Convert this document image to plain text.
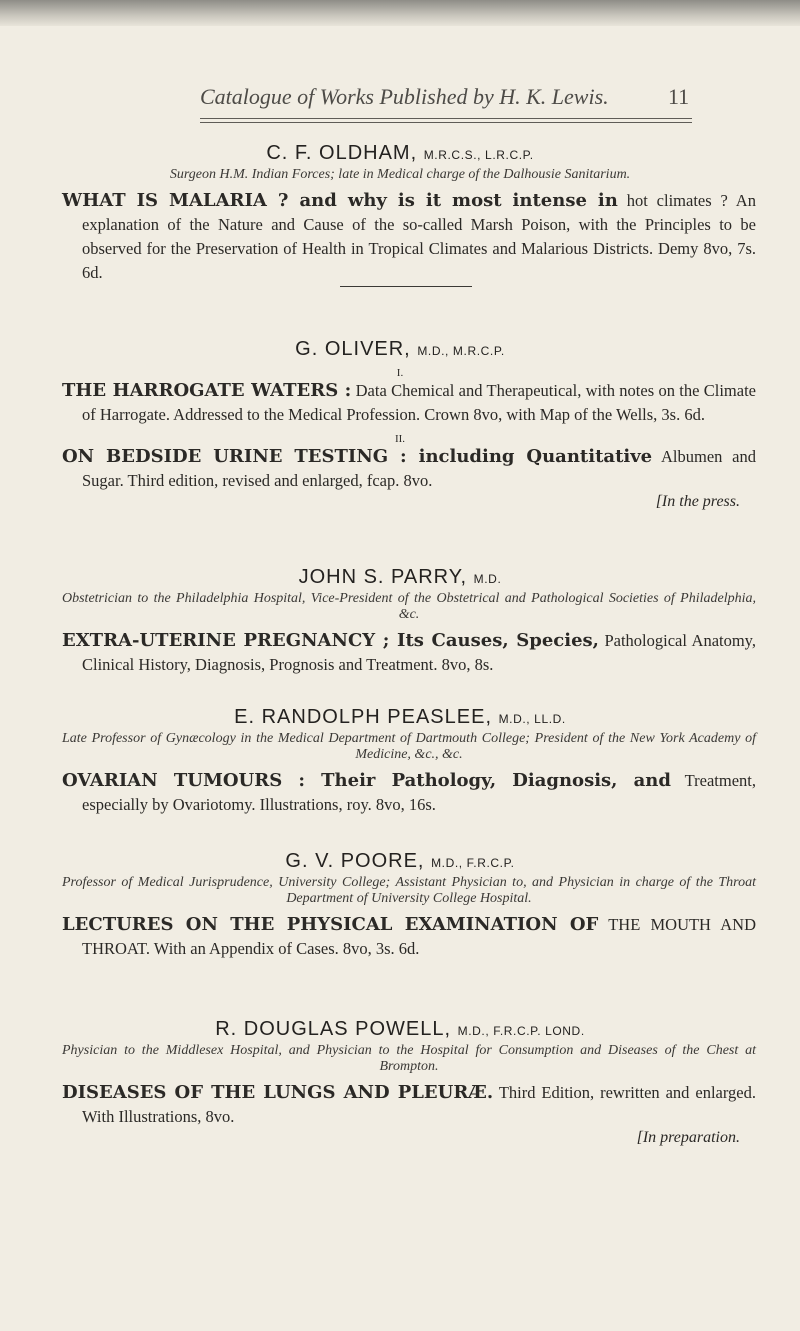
Catalogue of Works Published by H. K. Lewis.	11

C. F. OLDHAM, M.R.C.S., L.R.C.P.

Surgeon H.M. Indian Forces; late in Medical charge of the Dalhousie Sanitarium.

WHAT IS MALARIA ? and why is it most intense in hot climates ? An explanation of the Nature and Cause of the so-called Marsh Poison, with the Principles to be observed for the Preservation of Health in Tropical Climates and Malarious Districts. Demy 8vo, 7s. 6d.

G. OLIVER, M.D., M.R.C.P.

I.

THE HARROGATE WATERS : Data Chemical and Therapeutical, with notes on the Climate of Harrogate. Addressed to the Medical Profession. Crown 8vo, with Map of the Wells, 3s. 6d.

II.

ON BEDSIDE URINE TESTING : including Quantitative Albumen and Sugar. Third edition, revised and enlarged, fcap. 8vo.

[In the press.

JOHN S. PARRY, M.D.

Obstetrician to the Philadelphia Hospital, Vice-President of the Obstetrical and Pathological Societies of Philadelphia, &c.

EXTRA-UTERINE PREGNANCY ; Its Causes, Species, Pathological Anatomy, Clinical History, Diagnosis, Prognosis and Treatment. 8vo, 8s.

E. RANDOLPH PEASLEE, M.D., LL.D.

Late Professor of Gynæcology in the Medical Department of Dartmouth College; President of the New York Academy of Medicine, &c., &c.

OVARIAN TUMOURS : Their Pathology, Diagnosis, and Treatment, especially by Ovariotomy. Illustrations, roy. 8vo, 16s.

G. V. POORE, M.D., F.R.C.P.

Professor of Medical Jurisprudence, University College; Assistant Physician to, and Physician in charge of the Throat Department of University College Hospital.

LECTURES ON THE PHYSICAL EXAMINATION OF THE MOUTH AND THROAT. With an Appendix of Cases. 8vo, 3s. 6d.

R. DOUGLAS POWELL, M.D., F.R.C.P. LOND.

Physician to the Middlesex Hospital, and Physician to the Hospital for Consumption and Diseases of the Chest at Brompton.

DISEASES OF THE LUNGS AND PLEURÆ. Third Edition, rewritten and enlarged. With Illustrations, 8vo.

[In preparation.
